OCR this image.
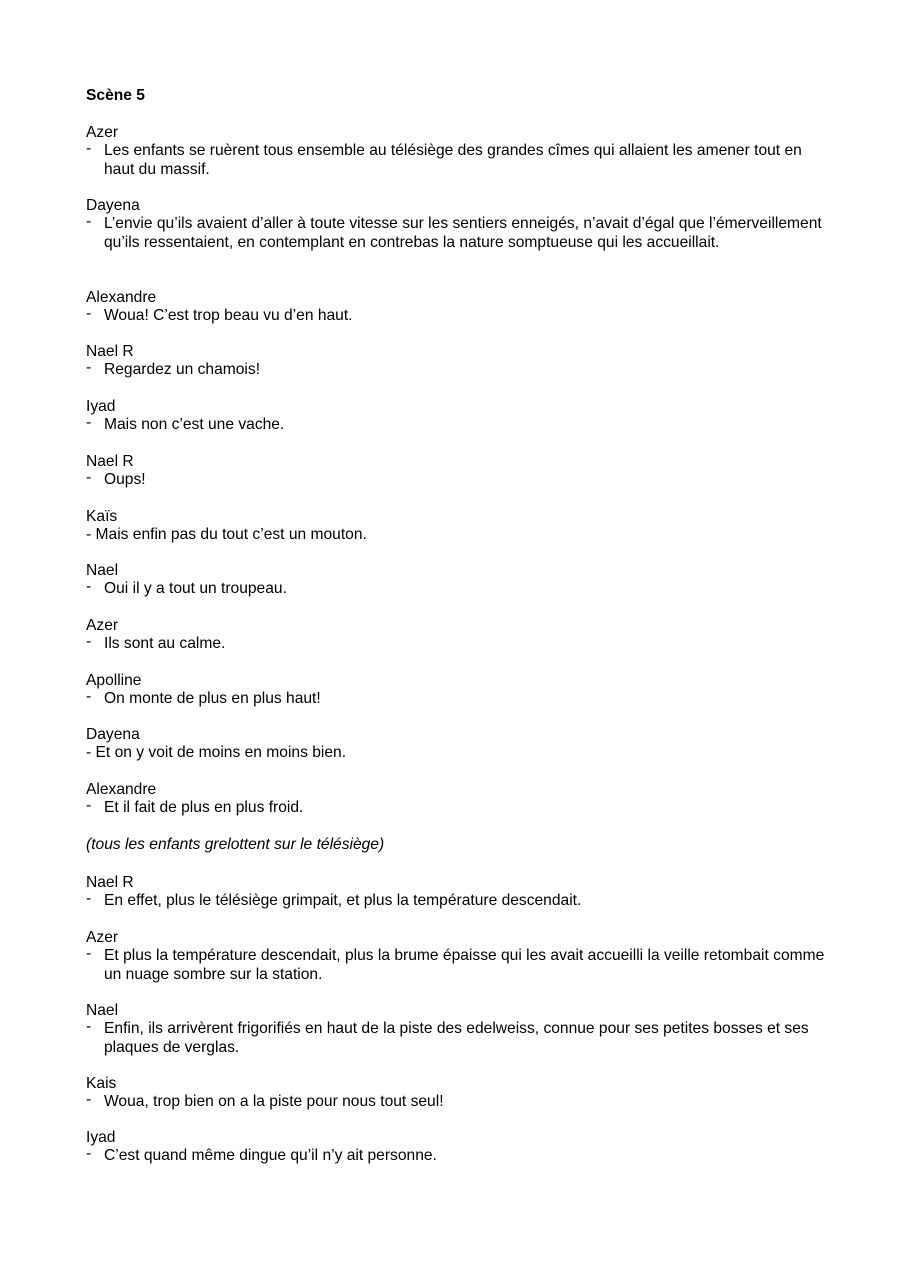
Scène 5
Azer
- Les enfants se ruèrent tous ensemble au télésiège des grandes cîmes qui allaient les amener tout en haut du massif.
Dayena
- L’envie qu’ils avaient d’aller à toute vitesse sur les sentiers enneigés, n’avait d’égal que l’émerveillement qu’ils ressentaient, en contemplant en contrebas la nature somptueuse qui les accueillait.
Alexandre
- Woua! C’est trop beau vu d’en haut.
Nael R
- Regardez un chamois!
Iyad
- Mais non c’est une vache.
Nael R
- Oups!
Kaïs
- Mais enfin pas du tout c’est un mouton.
Nael
- Oui il y a tout un troupeau.
Azer
- Ils sont au calme.
Apolline
- On monte de plus en plus haut!
Dayena
- Et on y voit de moins en moins bien.
Alexandre
- Et il fait de plus en plus froid.
(tous les enfants grelottent sur le télésiège)
Nael R
- En effet, plus le télésiège grimpait, et plus la température descendait.
Azer
- Et plus la température descendait, plus la brume épaisse qui les avait accueilli la veille retombait comme un nuage sombre sur la station.
Nael
- Enfin, ils arrivèrent frigorifiés en haut de la piste des edelweiss, connue pour ses petites bosses et ses plaques de verglas.
Kais
- Woua, trop bien on a la piste pour nous tout seul!
Iyad
- C’est quand même dingue qu’il n’y ait personne.
